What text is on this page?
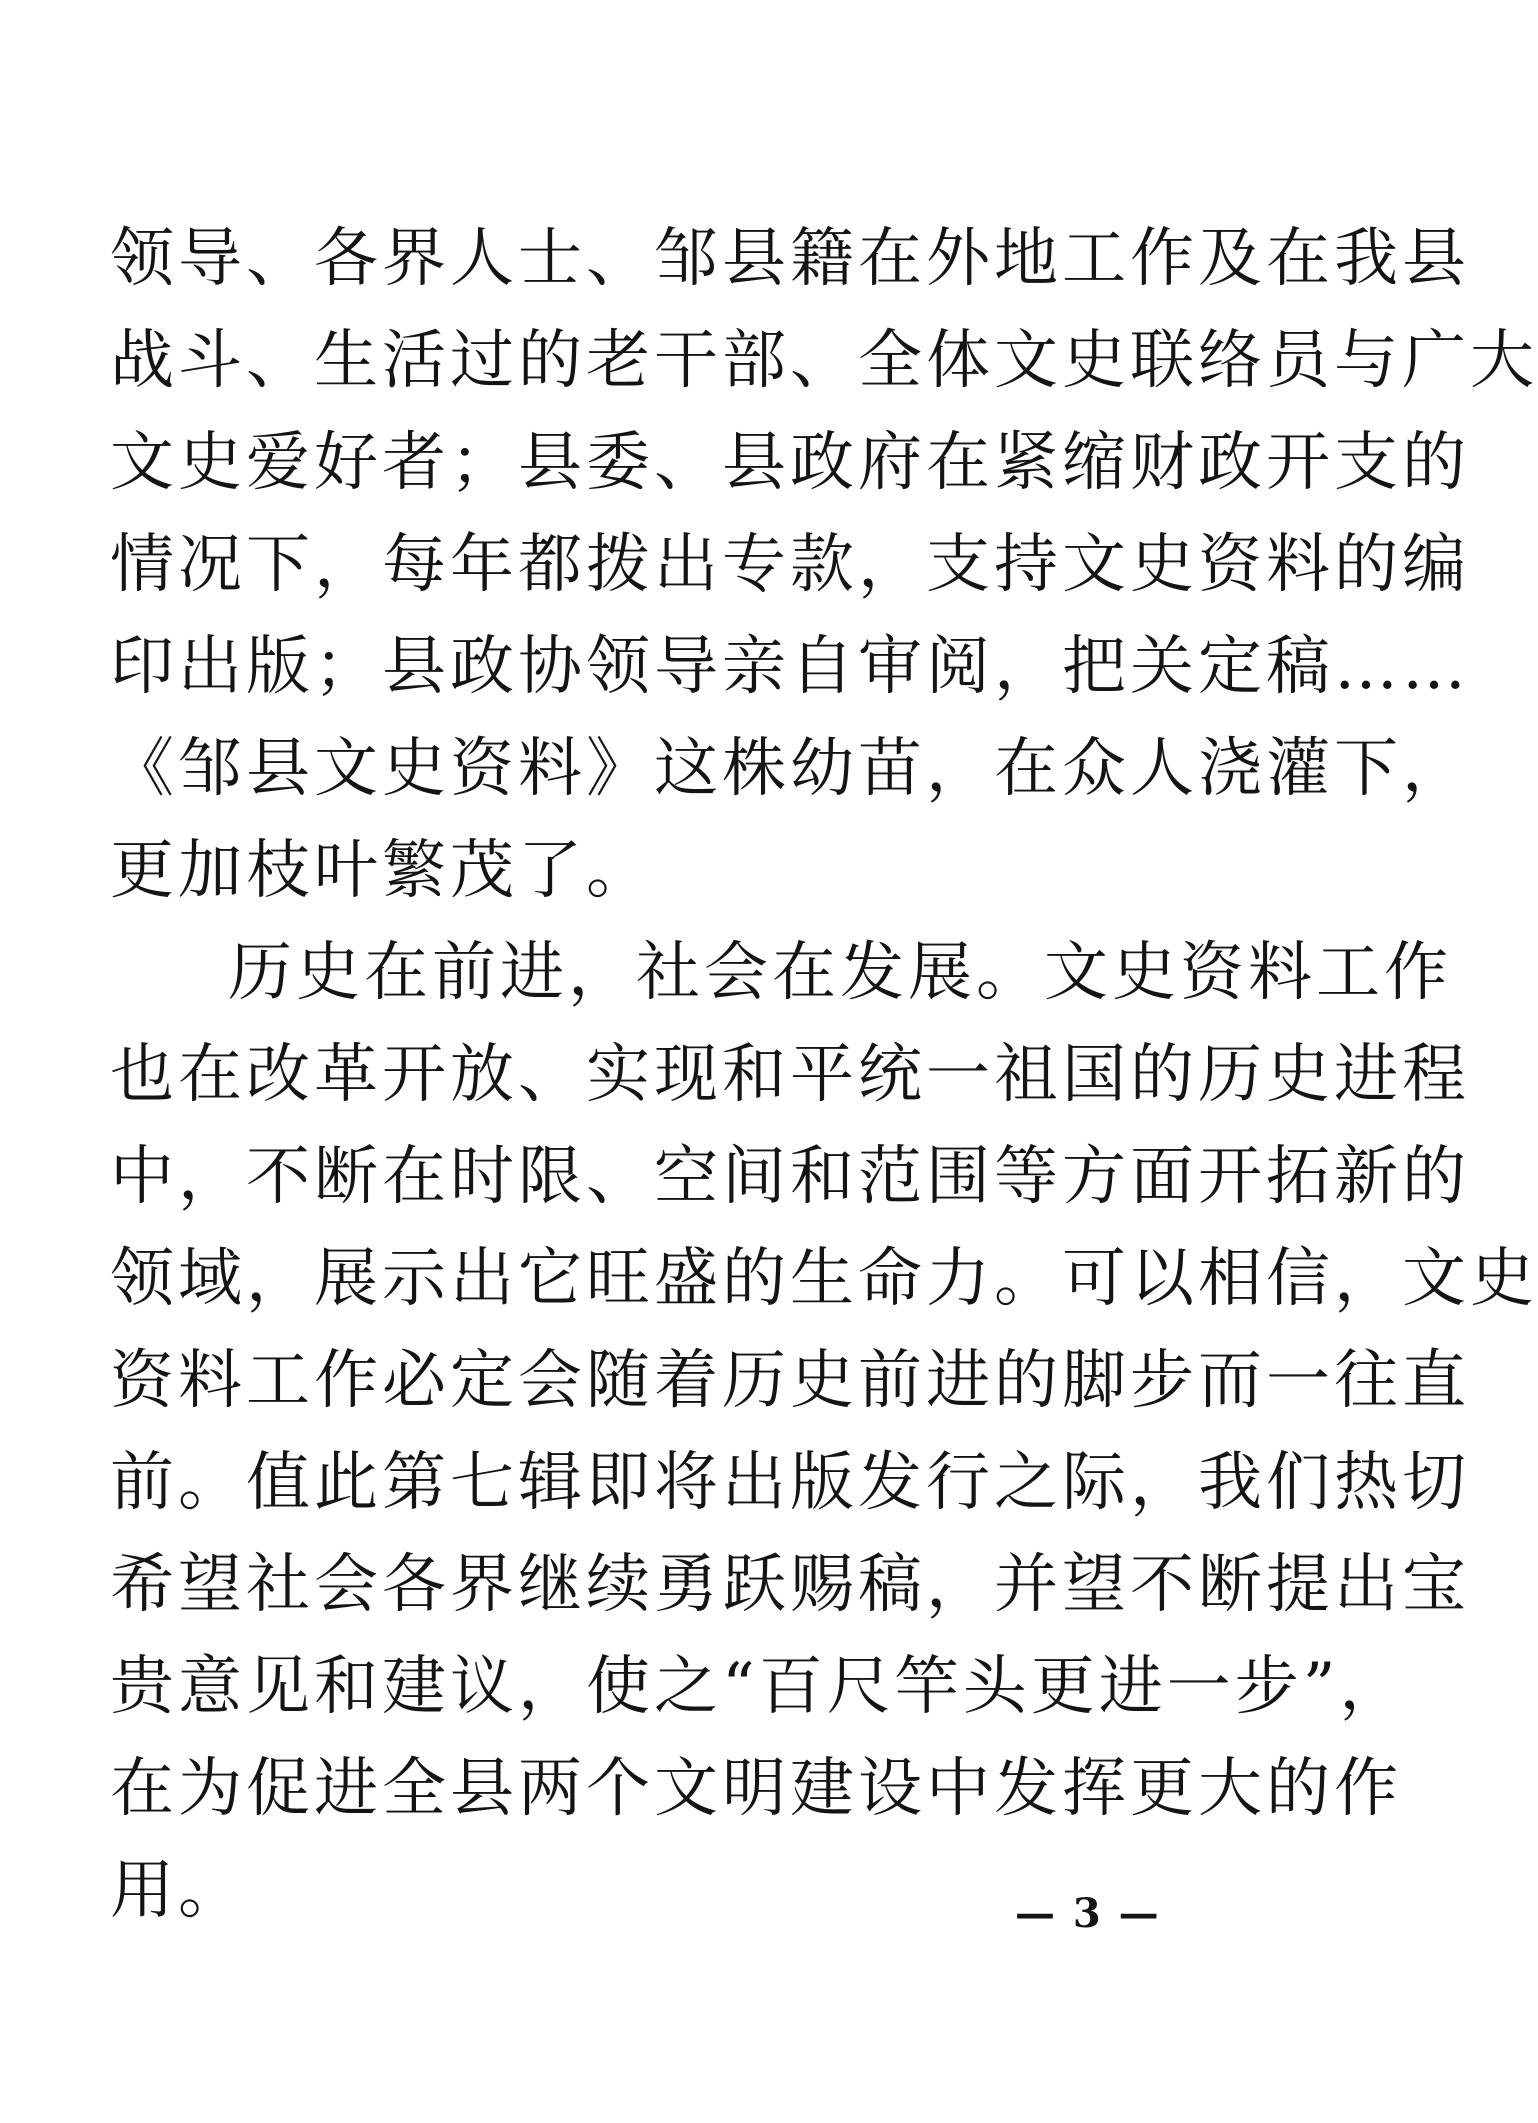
领导、各界人士、邹县籍在外地工作及在我县
战斗、生活过的老干部、全体文史联络员与广大
文史爱好者；县委、县政府在紧缩财政开支的
情况下，每年都拨出专款，支持文史资料的编
印出版；县政协领导亲自审阅，把关定稿……
《邹县文史资料》这株幼苗，在众人浇灌下，
更加枝叶繁茂了。
历史在前进，社会在发展。文史资料工作
也在改革开放、实现和平统一祖国的历史进程
中，不断在时限、空间和范围等方面开拓新的
领域，展示出它旺盛的生命力。可以相信，文史
资料工作必定会随着历史前进的脚步而一往直
前。值此第七辑即将出版发行之际，我们热切
希望社会各界继续勇跃赐稿，并望不断提出宝
贵意见和建议，使之“百尺竿头更进一步”，
在为促进全县两个文明建设中发挥更大的作
用。	— 3 —
